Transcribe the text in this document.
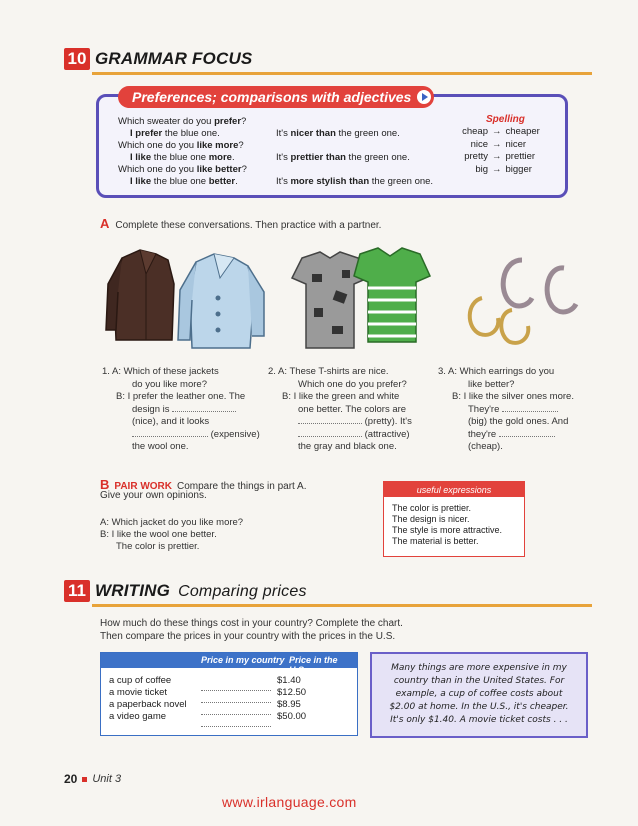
10 GRAMMAR FOCUS
Preferences; comparisons with adjectives
Which sweater do you prefer?
I prefer the blue one.
Which one do you like more?
I like the blue one more.
Which one do you like better?
I like the blue one better.
It's nicer than the green one.
It's prettier than the green one.
It's more stylish than the green one.
Spelling
cheap → cheaper
nice → nicer
pretty → prettier
big → bigger
A Complete these conversations. Then practice with a partner.
1. A: Which of these jackets
do you like more?
B: I prefer the leather one. The
design is
(nice), and it looks
(expensive)
the wool one.
2. A: These T-shirts are nice.
Which one do you prefer?
B: I like the green and white
one better. The colors are
(pretty). It's
(attractive)
the gray and black one.
3. A: Which earrings do you
like better?
B: I like the silver ones more.
They're
(big) the gold ones. And
they're
(cheap).
B PAIR WORK Compare the things in part A.
Give your own opinions.
A: Which jacket do you like more?
B: I like the wool one better.
The color is prettier.
useful expressions
The color is prettier.
The design is nicer.
The style is more attractive.
The material is better.
11 WRITING Comparing prices
How much do these things cost in your country? Complete the chart.
Then compare the prices in your country with the prices in the U.S.
Price in my country Price in the U.S.
a cup of coffee
a movie ticket
a paperback novel
a video game
$1.40
$12.50
$8.95
$50.00
Many things are more expensive in my
country than in the United States. For
example, a cup of coffee costs about
$2.00 at home. In the U.S., it's cheaper.
It's only $1.40. A movie ticket costs . . .
20 Unit 3
www.irlanguage.com
